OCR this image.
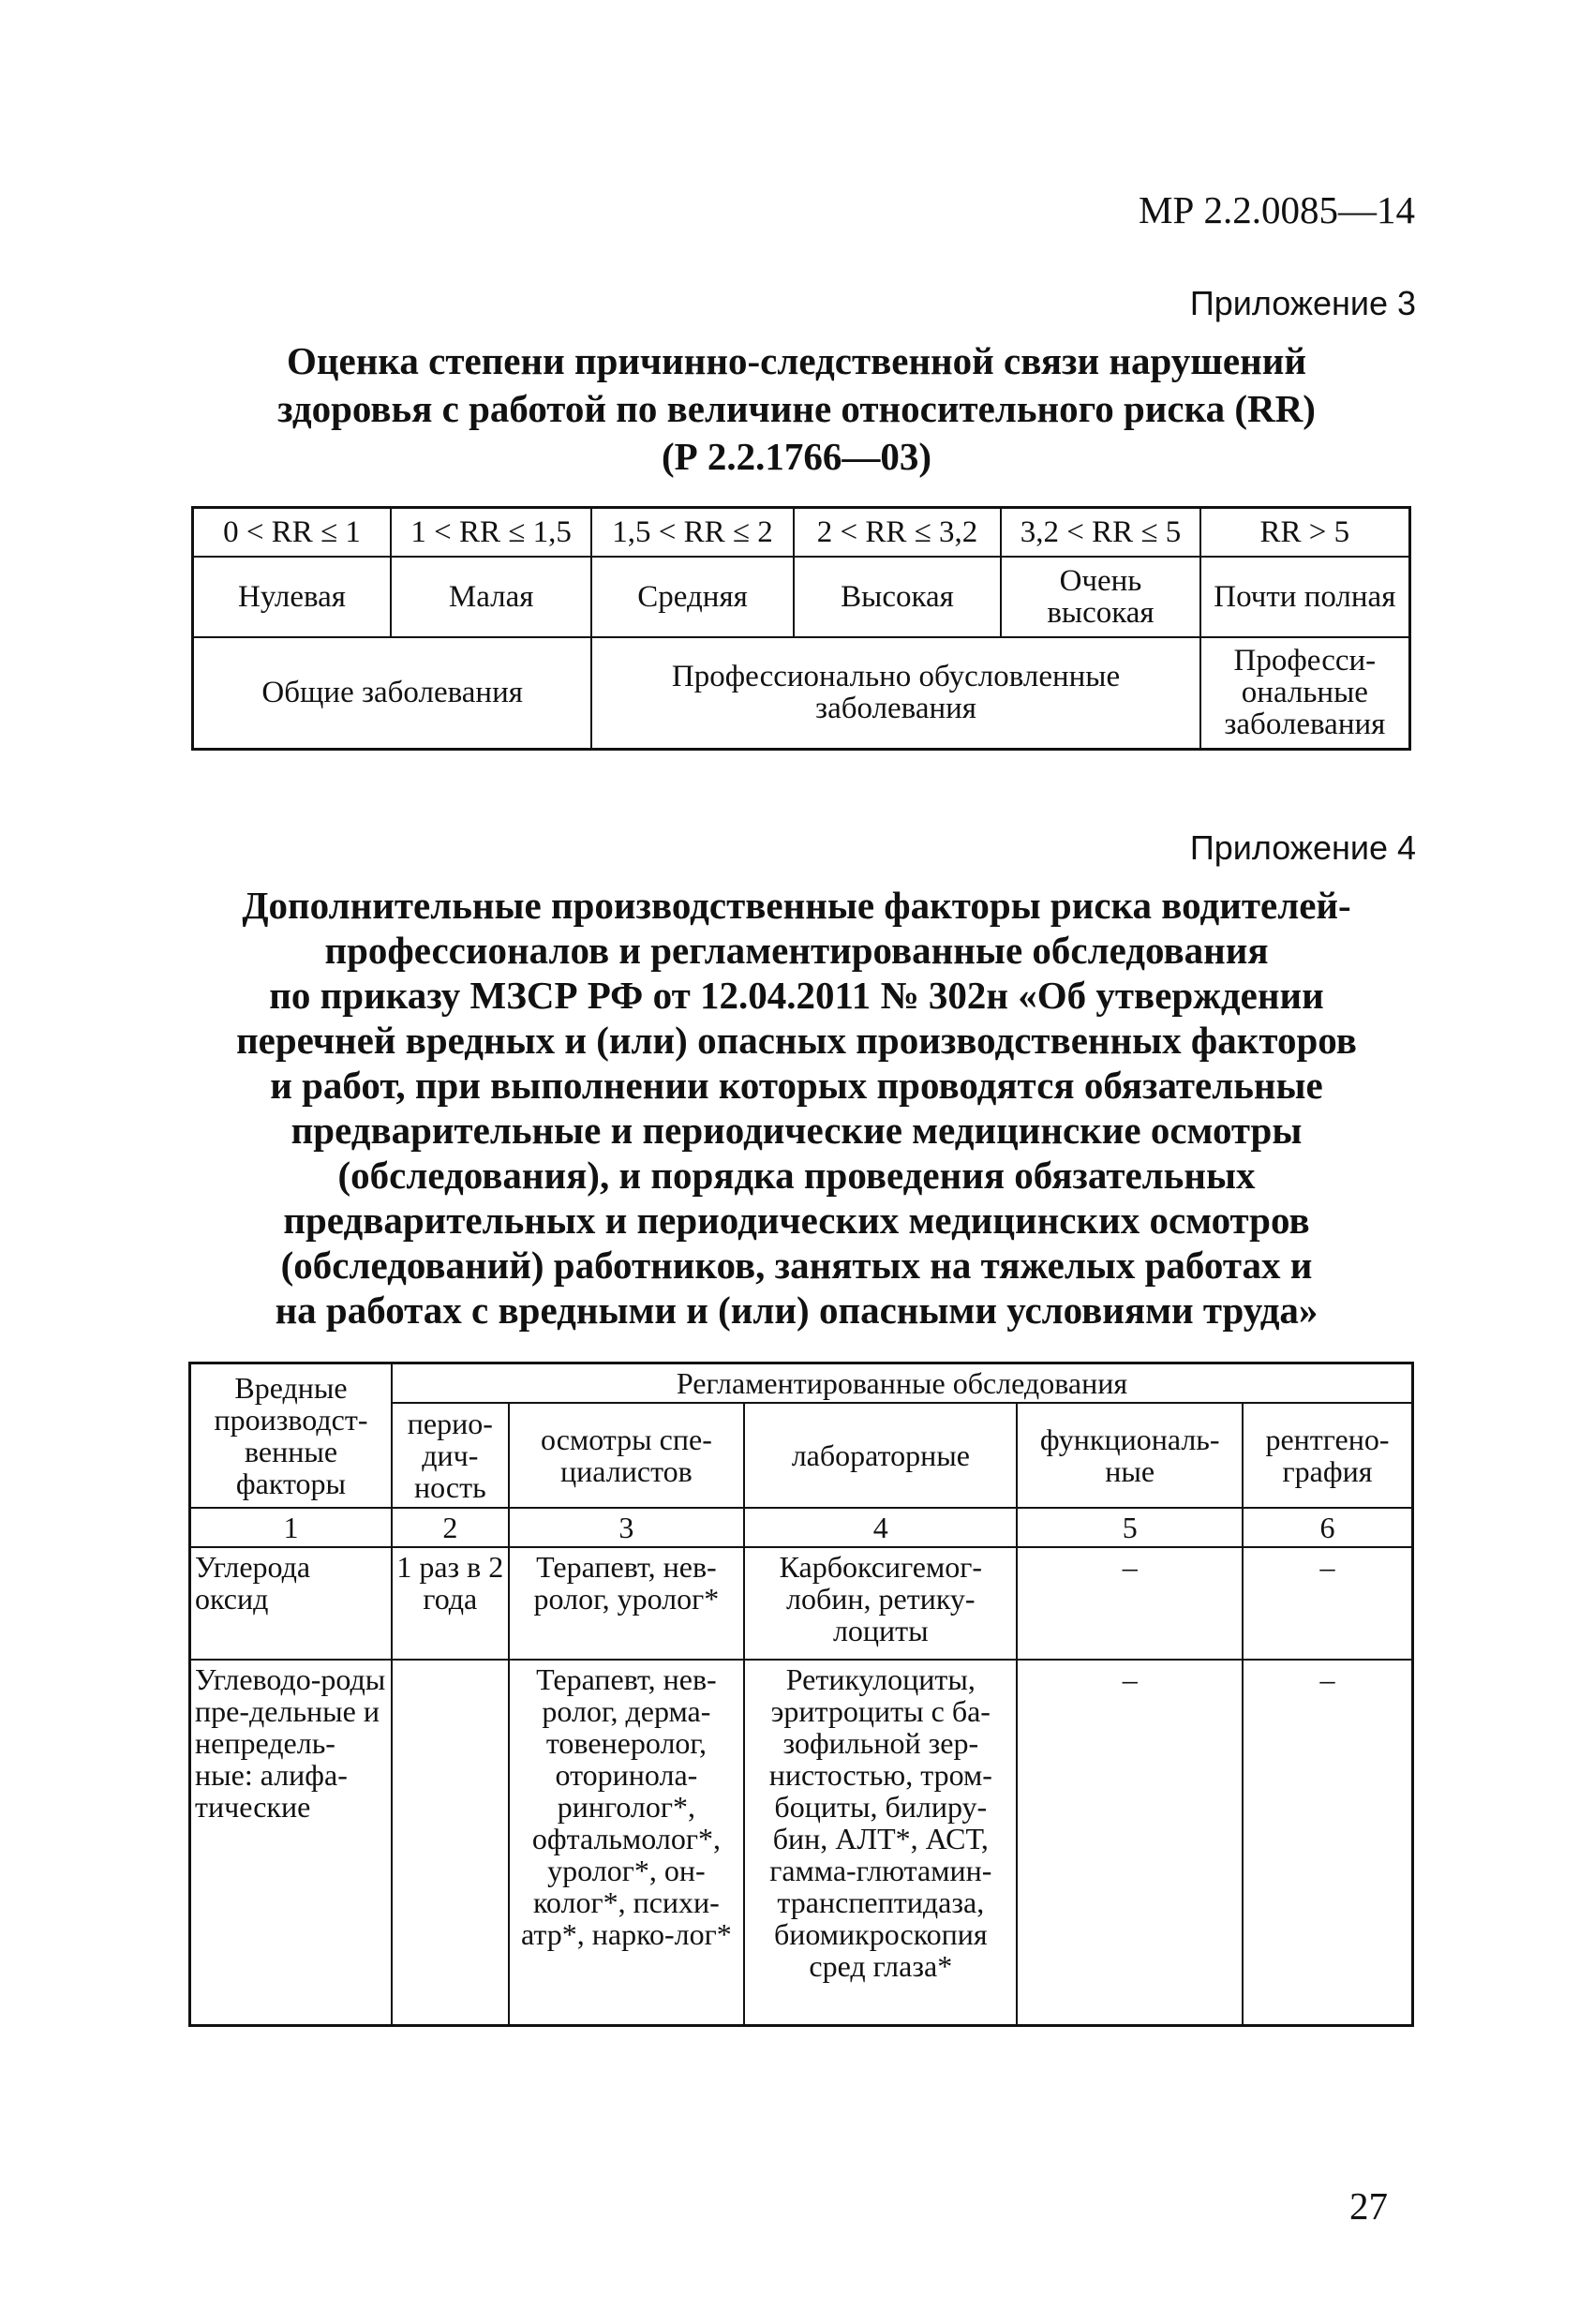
МР 2.2.0085—14
Приложение 3
Оценка степени причинно-следственной связи нарушений
здоровья с работой по величине относительного риска (RR)
(Р 2.2.1766—03)
0 < RR ≤ 1	1 < RR ≤ 1,5	1,5 < RR ≤ 2	2 < RR ≤ 3,2	3,2 < RR ≤ 5	RR > 5
Нулевая	Малая	Средняя	Высокая	Очень высокая	Почти полная
Общие заболевания		Профессионально обусловленные заболевания			Професси-ональные заболевания
Приложение 4
Дополнительные производственные факторы риска водителей-
профессионалов и регламентированные обследования
по приказу МЗСР РФ от 12.04.2011 № 302н «Об утверждении
перечней вредных и (или) опасных производственных факторов
и работ, при выполнении которых проводятся обязательные
предварительные и периодические медицинские осмотры
(обследования), и порядка проведения обязательных
предварительных и периодических медицинских осмотров
(обследований) работников, занятых на тяжелых работах и
на работах с вредными и (или) опасными условиями труда»
Вредные производст-венные факторы	Регламентированные обследования				
	перио-дич-ность	осмотры спе-циалистов	лабораторные	функциональ-ные	рентгено-графия
1	2	3	4	5	6
Углерода оксид	1 раз в 2 года	Терапевт, нев-ролог, уролог*	Карбоксигемог-лобин, ретику-лоциты	–	–
Углеводо-роды пре-дельные и непредель-ные: алифа-тические		Терапевт, нев-ролог, дерма-товенеролог, оторинола-ринголог*, офтальмолог*, уролог*, он-колог*, психи-атр*, нарко-лог*	Ретикулоциты, эритроциты с ба-зофильной зер-нистостью, тром-боциты, билиру-бин, АЛТ*, АСТ, гамма-глютамин-транспептидаза, биомикроскопия сред глаза*	–	–
27
